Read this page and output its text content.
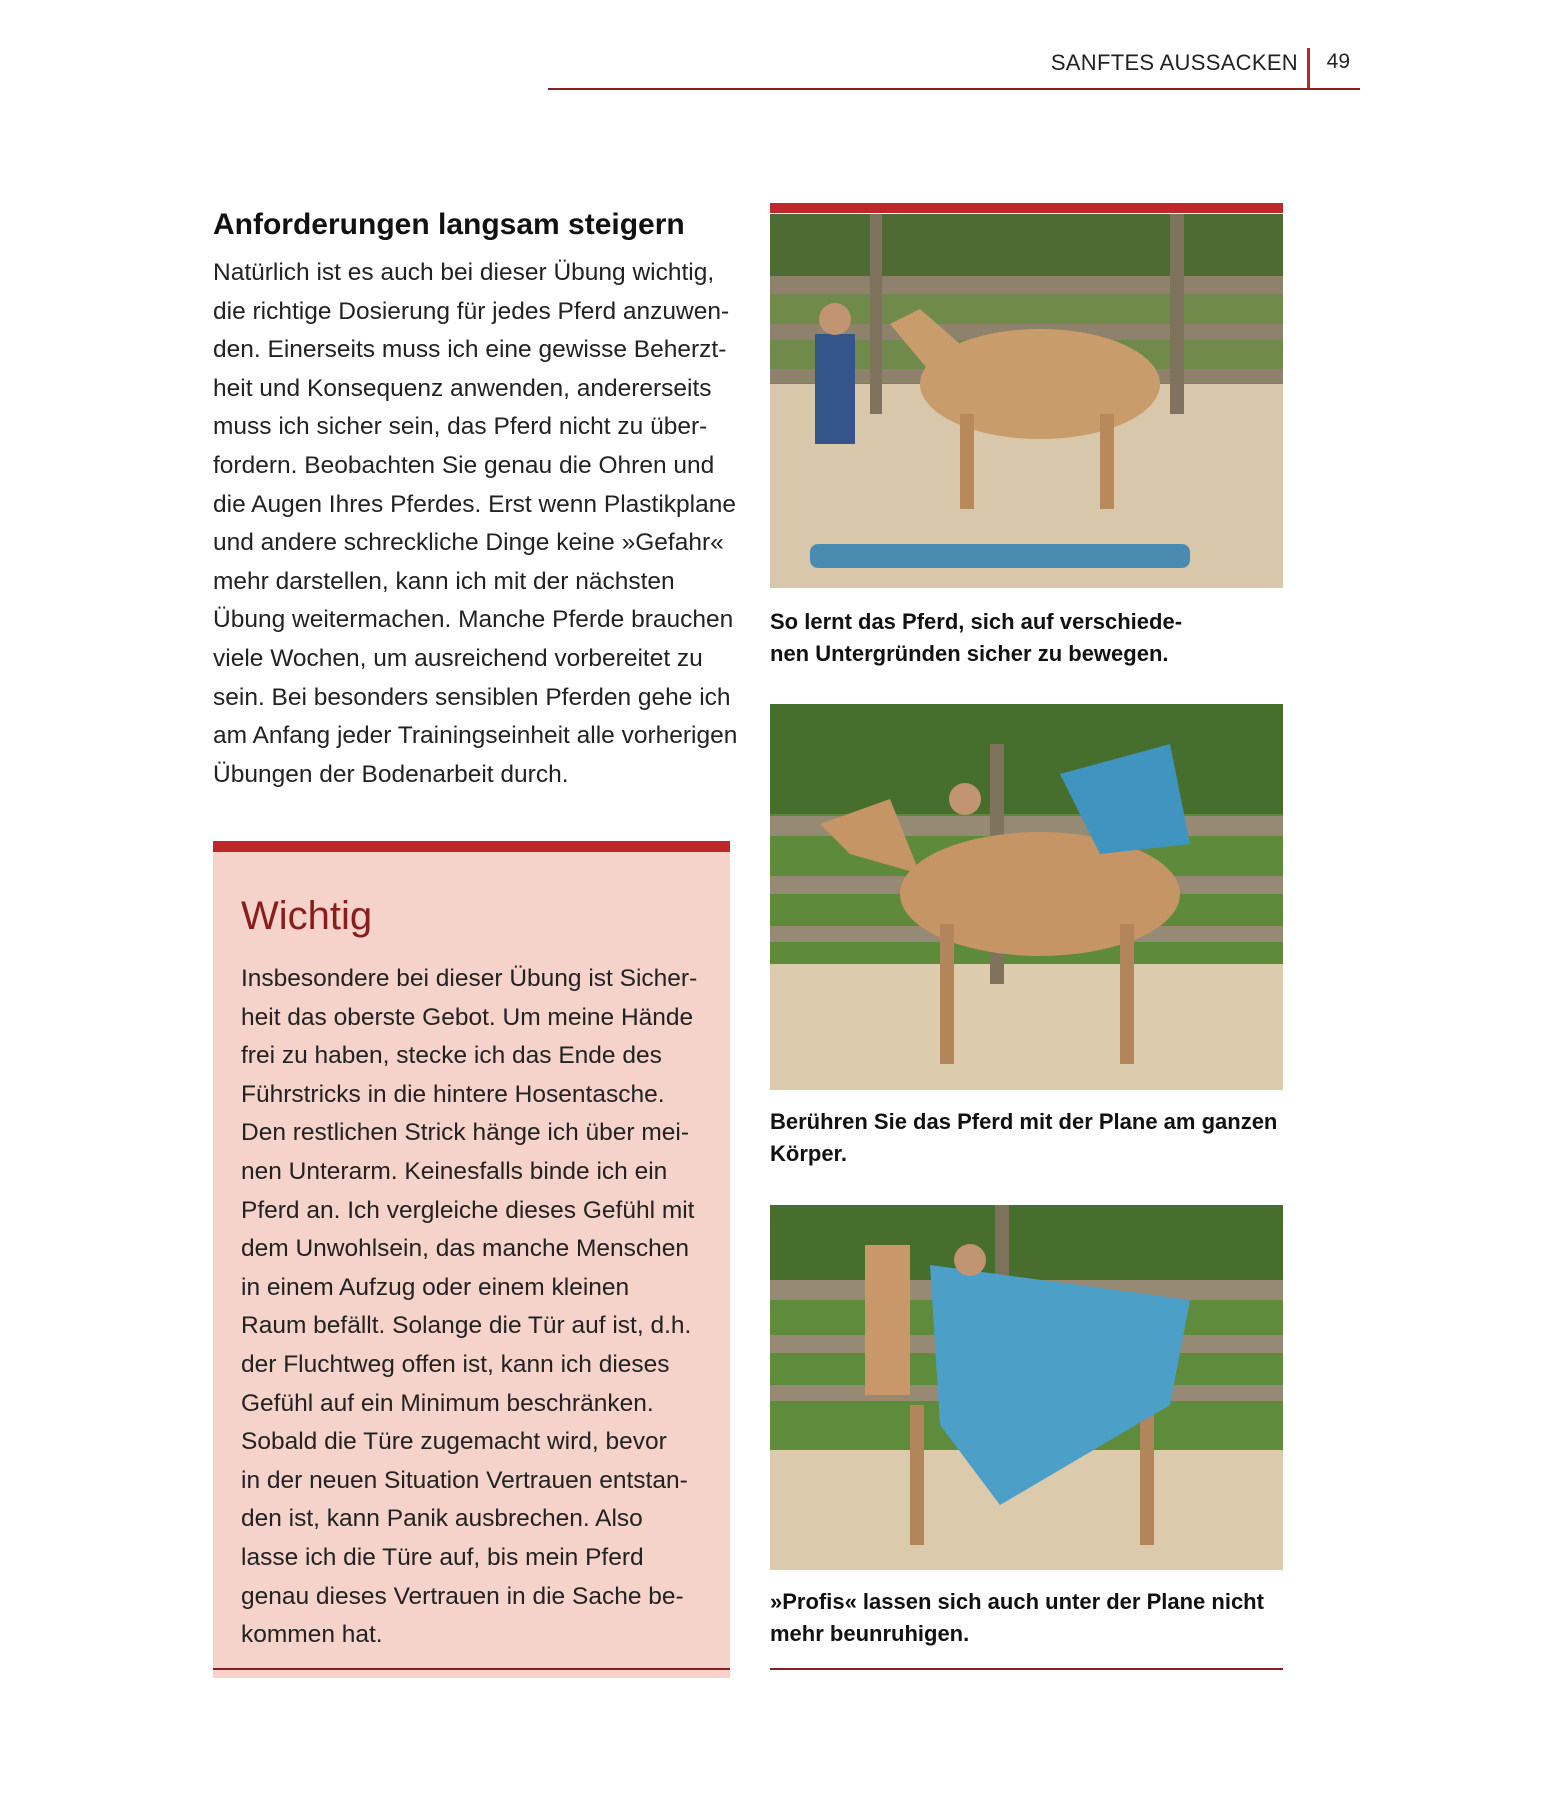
SANFTES AUSSACKEN 49
Anforderungen langsam steigern

Natürlich ist es auch bei dieser Übung wichtig,
die richtige Dosierung für jedes Pferd anzuwen-
den. Einerseits muss ich eine gewisse Beherzt-
heit und Konsequenz anwenden, andererseits
muss ich sicher sein, das Pferd nicht zu über-
fordern. Beobachten Sie genau die Ohren und
die Augen Ihres Pferdes. Erst wenn Plastikplane
und andere schreckliche Dinge keine »Gefahr«
mehr darstellen, kann ich mit der nächsten
Übung weitermachen. Manche Pferde brauchen
viele Wochen, um ausreichend vorbereitet zu
sein. Bei besonders sensiblen Pferden gehe ich
am Anfang jeder Trainingseinheit alle vorherigen
Übungen der Bodenarbeit durch.

Wichtig

Insbesondere bei dieser Übung ist Sicher-
heit das oberste Gebot. Um meine Hände
frei zu haben, stecke ich das Ende des
Führstricks in die hintere Hosentasche.
Den restlichen Strick hänge ich über mei-
nen Unterarm. Keinesfalls binde ich ein
Pferd an. Ich vergleiche dieses Gefühl mit
dem Unwohlsein, das manche Menschen
in einem Aufzug oder einem kleinen
Raum befällt. Solange die Tür auf ist, d.h.
der Fluchtweg offen ist, kann ich dieses
Gefühl auf ein Minimum beschränken.
Sobald die Türe zugemacht wird, bevor
in der neuen Situation Vertrauen entstan-
den ist, kann Panik ausbrechen. Also
lasse ich die Türe auf, bis mein Pferd
genau dieses Vertrauen in die Sache be-
kommen hat.

So lernt das Pferd, sich auf verschiede-
nen Untergründen sicher zu bewegen.

Berühren Sie das Pferd mit der Plane am ganzen
Körper.

»Profis« lassen sich auch unter der Plane nicht
mehr beunruhigen.
